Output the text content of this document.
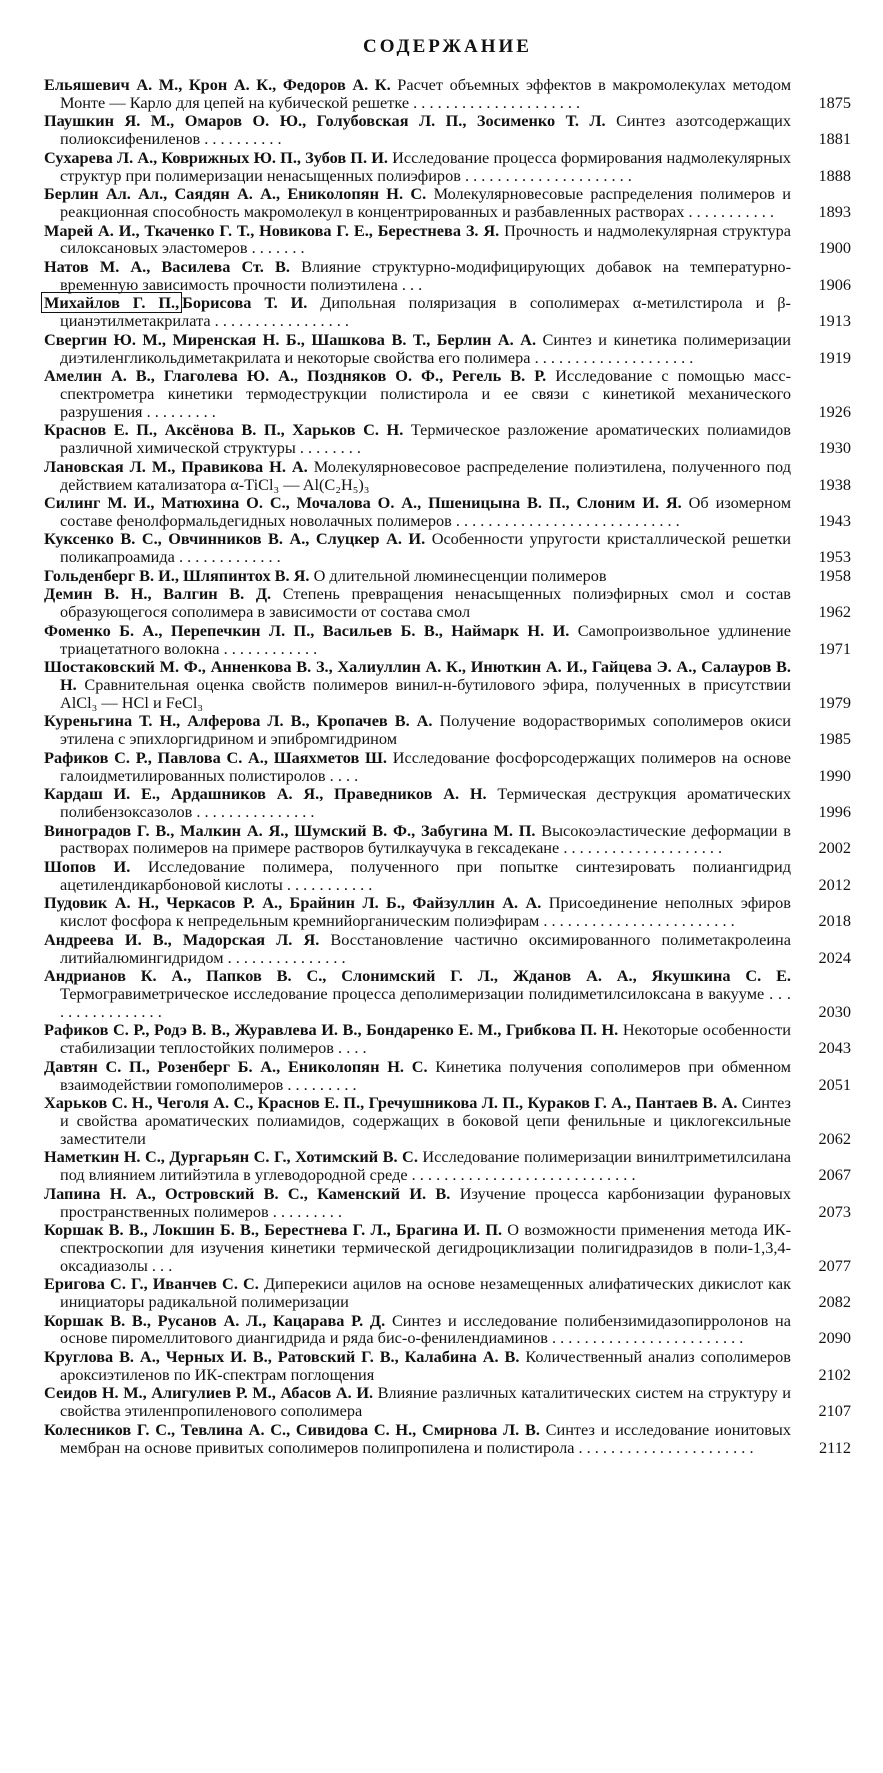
СОДЕРЖАНИЕ
Ельяшевич А. М., Крон А. К., Федоров А. К. Расчет объемных эффектов в макромолекулах методом Монте — Карло для цепей на кубической решетке . . . . . . . . . . . . . . . . . . . . .	1875
Паушкин Я. М., Омаров О. Ю., Голубовская Л. П., Зосименко Т. Л. Синтез азотсодержащих полиоксифениленов . . . . . . . . . .	1881
Сухарева Л. А., Коврижных Ю. П., Зубов П. И. Исследование процесса формирования надмолекулярных структур при полимеризации ненасыщенных полиэфиров . . . . . . . . . . . . . . . . . . . . .	1888
Берлин Ал. Ал., Саядян А. А., Ениколопян Н. С. Молекулярновесовые распределения полимеров и реакционная способность макромолекул в концентрированных и разбавленных растворах . . . . . . . . . . .	1893
Марей А. И., Ткаченко Г. Т., Новикова Г. Е., Берестнева З. Я. Прочность и надмолекулярная структура силоксановых эластомеров . . . . . . .	1900
Натов М. А., Василева Ст. В. Влияние структурно-модифицирующих добавок на температурно-временную зависимость прочности полиэтилена . . .	1906
Михайлов Г. П., Борисова Т. И. Дипольная поляризация в сополимерах α-метилстирола и β-цианэтилметакрилата . . . . . . . . . . . . . . . . .	1913
Свергин Ю. М., Миренская Н. Б., Шашкова В. Т., Берлин А. А. Синтез и кинетика полимеризации диэтиленгликольдиметакрилата и некоторые свойства его полимера . . . . . . . . . . . . . . . . . . . .	1919
Амелин А. В., Глаголева Ю. А., Поздняков О. Ф., Регель В. Р. Исследование с помощью масс-спектрометра кинетики термодеструкции полистирола и ее связи с кинетикой механического разрушения . . . . . . . . .	1926
Краснов Е. П., Аксёнова В. П., Харьков С. Н. Термическое разложение ароматических полиамидов различной химической структуры . . . . . . . .	1930
Лановская Л. М., Правикова Н. А. Молекулярновесовое распределение полиэтилена, полученного под действием катализатора α-TiCl₃ — Al(C₂H₅)₃	1938
Силинг М. И., Матюхина О. С., Мочалова О. А., Пшеницына В. П., Слоним И. Я. Об изомерном составе фенолформальдегидных новолачных полимеров . . . . . . . . . . . . . . . . . . . . . . . . . . . .	1943
Куксенко В. С., Овчинников В. А., Слуцкер А. И. Особенности упругости кристаллической решетки поликапроамида . . . . . . . . . . . . .	1953
Гольденберг В. И., Шляпинтох В. Я. О длительной люминесценции полимеров	1958
Демин В. Н., Валгин В. Д. Степень превращения ненасыщенных полиэфирных смол и состав образующегося сополимера в зависимости от состава смол	1962
Фоменко Б. А., Перепечкин Л. П., Васильев Б. В., Наймарк Н. И. Самопроизвольное удлинение триацетатного волокна . . . . . . . . . . . .	1971
Шостаковский М. Ф., Анненкова В. З., Халиуллин А. К., Инюткин А. И., Гайцева Э. А., Салауров В. Н. Сравнительная оценка свойств полимеров винил-н-бутилового эфира, полученных в присутствии AlCl₃ — HCl и FeCl₃	1979
Куреньгина Т. Н., Алферова Л. В., Кропачев В. А. Получение водорастворимых сополимеров окиси этилена с эпихлоргидрином и эпибромгидрином	1985
Рафиков С. Р., Павлова С. А., Шаяхметов Ш. Исследование фосфорсодержащих полимеров на основе галоидметилированных полистиролов . . . .	1990
Кардаш И. Е., Ардашников А. Я., Праведников А. Н. Термическая деструкция ароматических полибензоксазолов . . . . . . . . . . . . . . .	1996
Виноградов Г. В., Малкин А. Я., Шумский В. Ф., Забугина М. П. Высокоэластические деформации в растворах полимеров на примере растворов бутилкаучука в гексадекане . . . . . . . . . . . . . . . . . . . .	2002
Шопов И. Исследование полимера, полученного при попытке синтезировать полиангидрид ацетилендикарбоновой кислоты . . . . . . . . . . .	2012
Пудовик А. Н., Черкасов Р. А., Брайнин Л. Б., Файзуллин А. А. Присоединение неполных эфиров кислот фосфора к непредельным кремнийорганическим полиэфирам . . . . . . . . . . . . . . . . . . . . . . . .	2018
Андреева И. В., Мадорская Л. Я. Восстановление частично оксимированного полиметакролеина литийалюмингидридом . . . . . . . . . . . . . . .	2024
Андрианов К. А., Папков В. С., Слонимский Г. Л., Жданов А. А., Якушкина С. Е. Термогравиметрическое исследование процесса деполимеризации полидиметилсилоксана в вакууме . . . . . . . . . . . . . . . .	2030
Рафиков С. Р., Родэ В. В., Журавлева И. В., Бондаренко Е. М., Грибкова П. Н. Некоторые особенности стабилизации теплостойких полимеров . . . .	2043
Давтян С. П., Розенберг Б. А., Ениколопян Н. С. Кинетика получения сополимеров при обменном взаимодействии гомополимеров . . . . . . . . .	2051
Харьков С. Н., Чеголя А. С., Краснов Е. П., Гречушникова Л. П., Кураков Г. А., Пантаев В. А. Синтез и свойства ароматических полиамидов, содержащих в боковой цепи фенильные и циклогексильные заместители	2062
Наметкин Н. С., Дургарьян С. Г., Хотимский В. С. Исследование полимеризации винилтриметилсилана под влиянием литийэтила в углеводородной среде . . . . . . . . . . . . . . . . . . . . . . . . . . . .	2067
Лапина Н. А., Островский В. С., Каменский И. В. Изучение процесса карбонизации фурановых пространственных полимеров . . . . . . . . .	2073
Коршак В. В., Локшин Б. В., Берестнева Г. Л., Брагина И. П. О возможности применения метода ИК-спектроскопии для изучения кинетики термической дегидроциклизации полигидразидов в поли-1,3,4-оксадиазолы . . .	2077
Еригова С. Г., Иванчев С. С. Диперекиси ацилов на основе незамещенных алифатических дикислот как инициаторы радикальной полимеризации	2082
Коршак В. В., Русанов А. Л., Кацарава Р. Д. Синтез и исследование полибензимидазопирролонов на основе пиромеллитового диангидрида и ряда бис-о-фенилендиаминов . . . . . . . . . . . . . . . . . . . . . . . .	2090
Круглова В. А., Черных И. В., Ратовский Г. В., Калабина А. В. Количественный анализ сополимеров ароксиэтиленов по ИК-спектрам поглощения	2102
Сеидов Н. М., Алигулиев Р. М., Абасов А. И. Влияние различных каталитических систем на структуру и свойства этиленпропиленового сополимера	2107
Колесников Г. С., Тевлина А. С., Сивидова С. Н., Смирнова Л. В. Синтез и исследование ионитовых мембран на основе привитых сополимеров полипропилена и полистирола . . . . . . . . . . . . . . . . . . . . . .	2112
